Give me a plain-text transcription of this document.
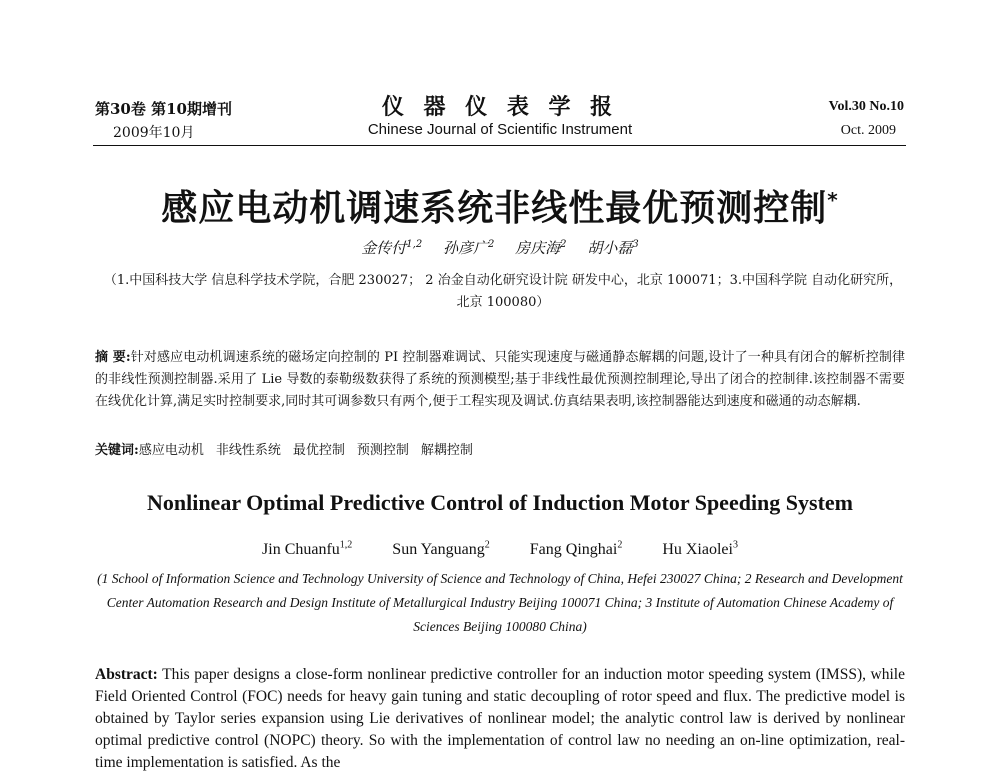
第30卷 第10期增刊
2009年10月
仪 器 仪 表 学 报
Chinese Journal of Scientific Instrument
Vol.30 No.10
Oct. 2009
感应电动机调速系统非线性最优预测控制*
金传付$^{1,2}$ 孙彦广$^2$ 房庆海$^2$ 胡小磊$^3$
（1.中国科技大学 信息科学技术学院，合肥 230027； 2 冶金自动化研究设计院 研发中心，北京 100071；3.中国科学院 自动化研究所，北京 100080）
摘 要:针对感应电动机调速系统的磁场定向控制的 PI 控制器难调试、只能实现速度与磁通静态解耦的问题,设计了一种具有闭合的解析控制律的非线性预测控制器.采用了 Lie 导数的泰勒级数获得了系统的预测模型;基于非线性最优预测控制理论,导出了闭合的控制律.该控制器不需要在线优化计算,满足实时控制要求,同时其可调参数只有两个,便于工程实现及调试.仿真结果表明,该控制器能达到速度和磁通的动态解耦.
关键词:感应电动机 非线性系统 最优控制 预测控制 解耦控制
Nonlinear Optimal Predictive Control of Induction Motor Speeding System
Jin Chuanfu$^{1,2}$	Sun Yanguang$^2$	Fang Qinghai$^2$	Hu Xiaolei$^3$
(1 School of Information Science and Technology University of Science and Technology of China, Hefei 230027 China; 2 Research and Development Center Automation Research and Design Institute of Metallurgical Industry Beijing 100071 China; 3 Institute of Automation Chinese Academy of Sciences Beijing 100080 China)
Abstract: This paper designs a close-form nonlinear predictive controller for an induction motor speeding system (IMSS), while Field Oriented Control (FOC) needs for heavy gain tuning and static decoupling of rotor speed and flux. The predictive model is obtained by Taylor series expansion using Lie derivatives of nonlinear model; the analytic control law is derived by nonlinear optimal predictive control (NOPC) theory. So with the implementation of control law no needing an on-line optimization, real-time implementation is satisfied. As the
